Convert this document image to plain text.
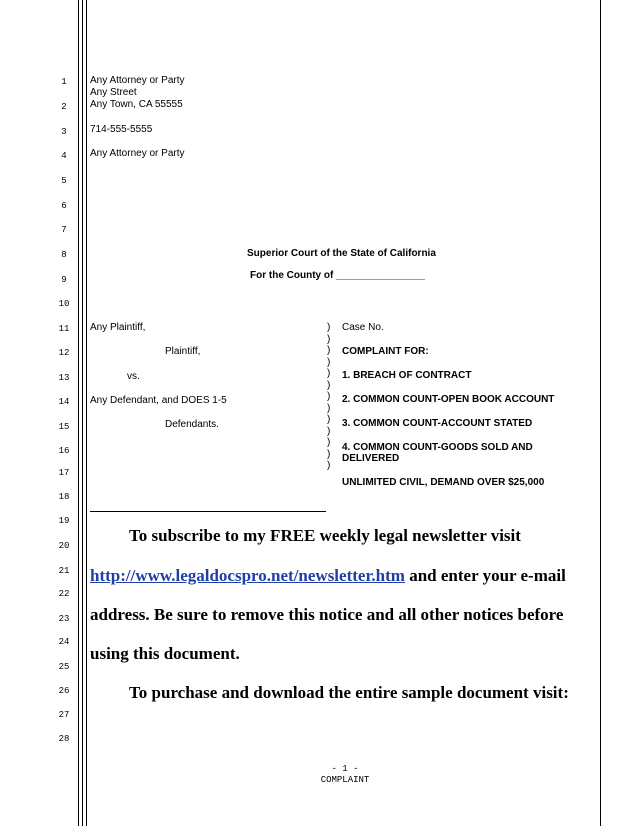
1
2
3
4
5
6
7
8
9
10
11
12
13
14
15
16
17
18
19
20
21
22
23
24
25
26
27
28
Any Attorney or Party
Any Street
Any Town, CA 55555
714-555-5555
Any Attorney or Party
Superior Court of the State of California
For the County of ________________
Any Plaintiff,
Plaintiff,
vs.
Any Defendant, and DOES 1-5
Defendants.
)
)
)
)
)
)
)
)
)
)
)
)
)
Case No.
COMPLAINT FOR:
1. BREACH OF CONTRACT
2. COMMON COUNT-OPEN BOOK ACCOUNT
3. COMMON COUNT-ACCOUNT STATED
4. COMMON COUNT-GOODS SOLD AND
DELIVERED
UNLIMITED CIVIL, DEMAND OVER $25,000
To subscribe to my FREE weekly legal newsletter visit
http://www.legaldocspro.net/newsletter.htm and enter your e-mail
address. Be sure to remove this notice and all other notices before
using this document.
To purchase and download the entire sample document visit:
- 1 -
COMPLAINT
